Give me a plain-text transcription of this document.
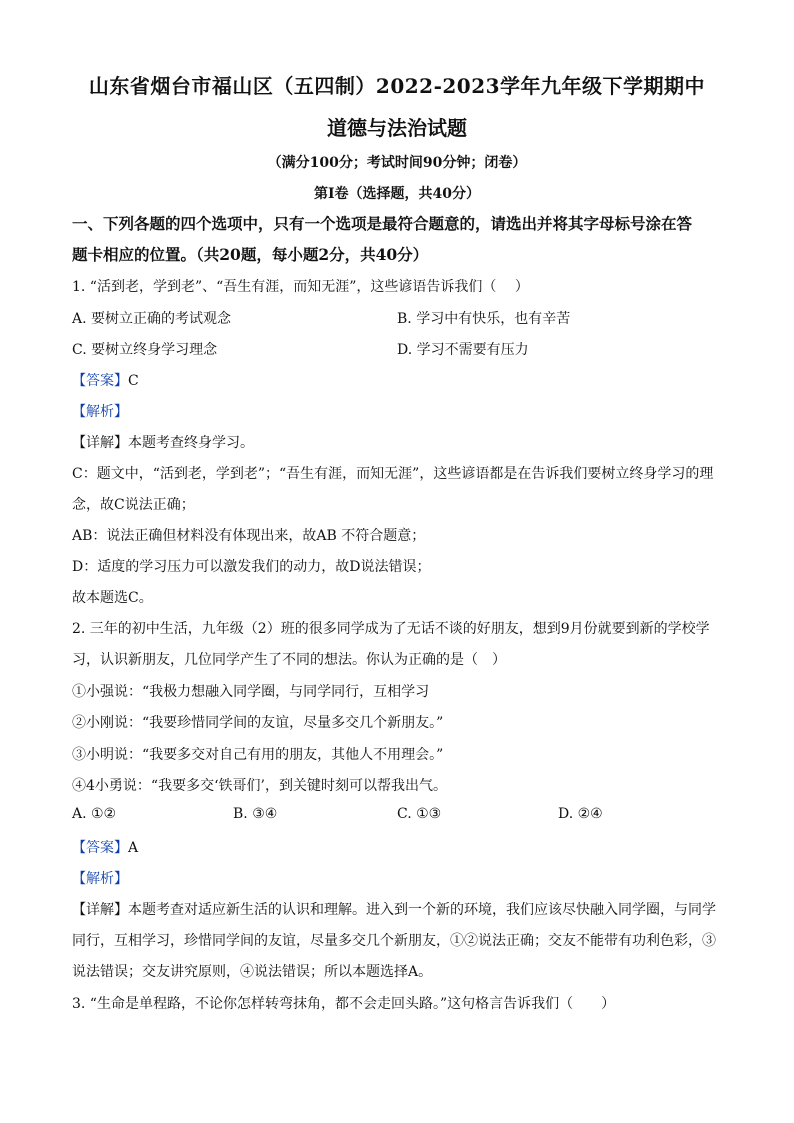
山东省烟台市福山区（五四制）2022-2023学年九年级下学期期中
道德与法治试题
（满分100分；考试时间90分钟；闭卷）
第I卷（选择题，共40分）
一、下列各题的四个选项中，只有一个选项是最符合题意的，请选出并将其字母标号涂在答
题卡相应的位置。（共20题，每小题2分，共40分）
1. “活到老，学到老”、“吾生有涯，而知无涯”，这些谚语告诉我们（　 ）
A. 要树立正确的考试观念	B. 学习中有快乐，也有辛苦
C. 要树立终身学习理念	D. 学习不需要有压力
【答案】C
【解析】
【详解】本题考查终身学习。
C：题文中，“活到老，学到老”；“吾生有涯，而知无涯”，这些谚语都是在告诉我们要树立终身学习的理
念，故C说法正确；
AB：说法正确但材料没有体现出来，故AB 不符合题意；
D：适度的学习压力可以激发我们的动力，故D说法错误；
故本题选C。
2. 三年的初中生活，九年级（2）班的很多同学成为了无话不谈的好朋友，想到9月份就要到新的学校学
习，认识新朋友，几位同学产生了不同的想法。你认为正确的是（　）
①小强说：“我极力想融入同学圈，与同学同行，互相学习
②小刚说：“我要珍惜同学间的友谊，尽量多交几个新朋友。”
③小明说：“我要多交对自己有用的朋友，其他人不用理会。”
④4小勇说：“我要多交‘铁哥们’，到关键时刻可以帮我出气。
A. ①②	B. ③④	C. ①③	D. ②④
【答案】A
【解析】
【详解】本题考查对适应新生活的认识和理解。进入到一个新的环境，我们应该尽快融入同学圈，与同学
同行，互相学习，珍惜同学间的友谊，尽量多交几个新朋友，①②说法正确；交友不能带有功利色彩，③
说法错误；交友讲究原则，④说法错误；所以本题选择A。
3. “生命是单程路，不论你怎样转弯抹角，都不会走回头路。”这句格言告诉我们（　　）
